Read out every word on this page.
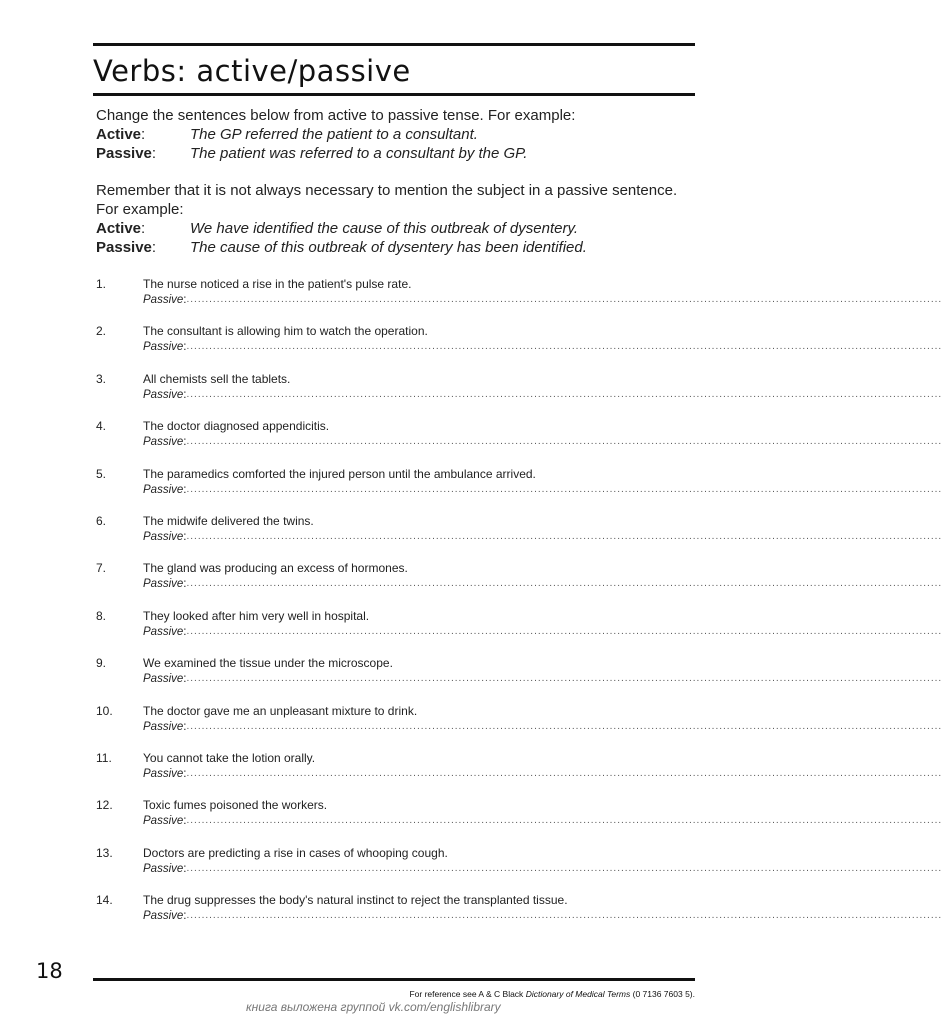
Verbs: active/passive

Change the sentences below from active to passive tense. For example:

Active:	The GP referred the patient to a consultant.
Passive:	The patient was referred to a consultant by the GP.

Remember that it is not always necessary to mention the subject in a passive sentence. For example:

Active:	We have identified the cause of this outbreak of dysentery.
Passive:	The cause of this outbreak of dysentery has been identified.
1.	The nurse noticed a rise in the patient's pulse rate.
Passive : ........................................................................................................................................................................................................
2.	The consultant is allowing him to watch the operation.
Passive : ........................................................................................................................................................................................................
3.	All chemists sell the tablets.
Passive : ........................................................................................................................................................................................................
4.	The doctor diagnosed appendicitis.
Passive : ........................................................................................................................................................................................................
5.	The paramedics comforted the injured person until the ambulance arrived.
Passive : ........................................................................................................................................................................................................
6.	The midwife delivered the twins.
Passive : ........................................................................................................................................................................................................
7.	The gland was producing an excess of hormones.
Passive : ........................................................................................................................................................................................................
8.	They looked after him very well in hospital.
Passive : ........................................................................................................................................................................................................
9.	We examined the tissue under the microscope.
Passive : ........................................................................................................................................................................................................
10.	The doctor gave me an unpleasant mixture to drink.
Passive : ........................................................................................................................................................................................................
11.	You cannot take the lotion orally.
Passive : ........................................................................................................................................................................................................
12.	Toxic fumes poisoned the workers.
Passive : ........................................................................................................................................................................................................
13.	Doctors are predicting a rise in cases of whooping cough.
Passive : ........................................................................................................................................................................................................
14.	The drug suppresses the body's natural instinct to reject the transplanted tissue.
Passive : ........................................................................................................................................................................................................
18
For reference see A & C Black Dictionary of Medical Terms (0 7136 7603 5).
книга выложена группой vk.com/englishlibrary
